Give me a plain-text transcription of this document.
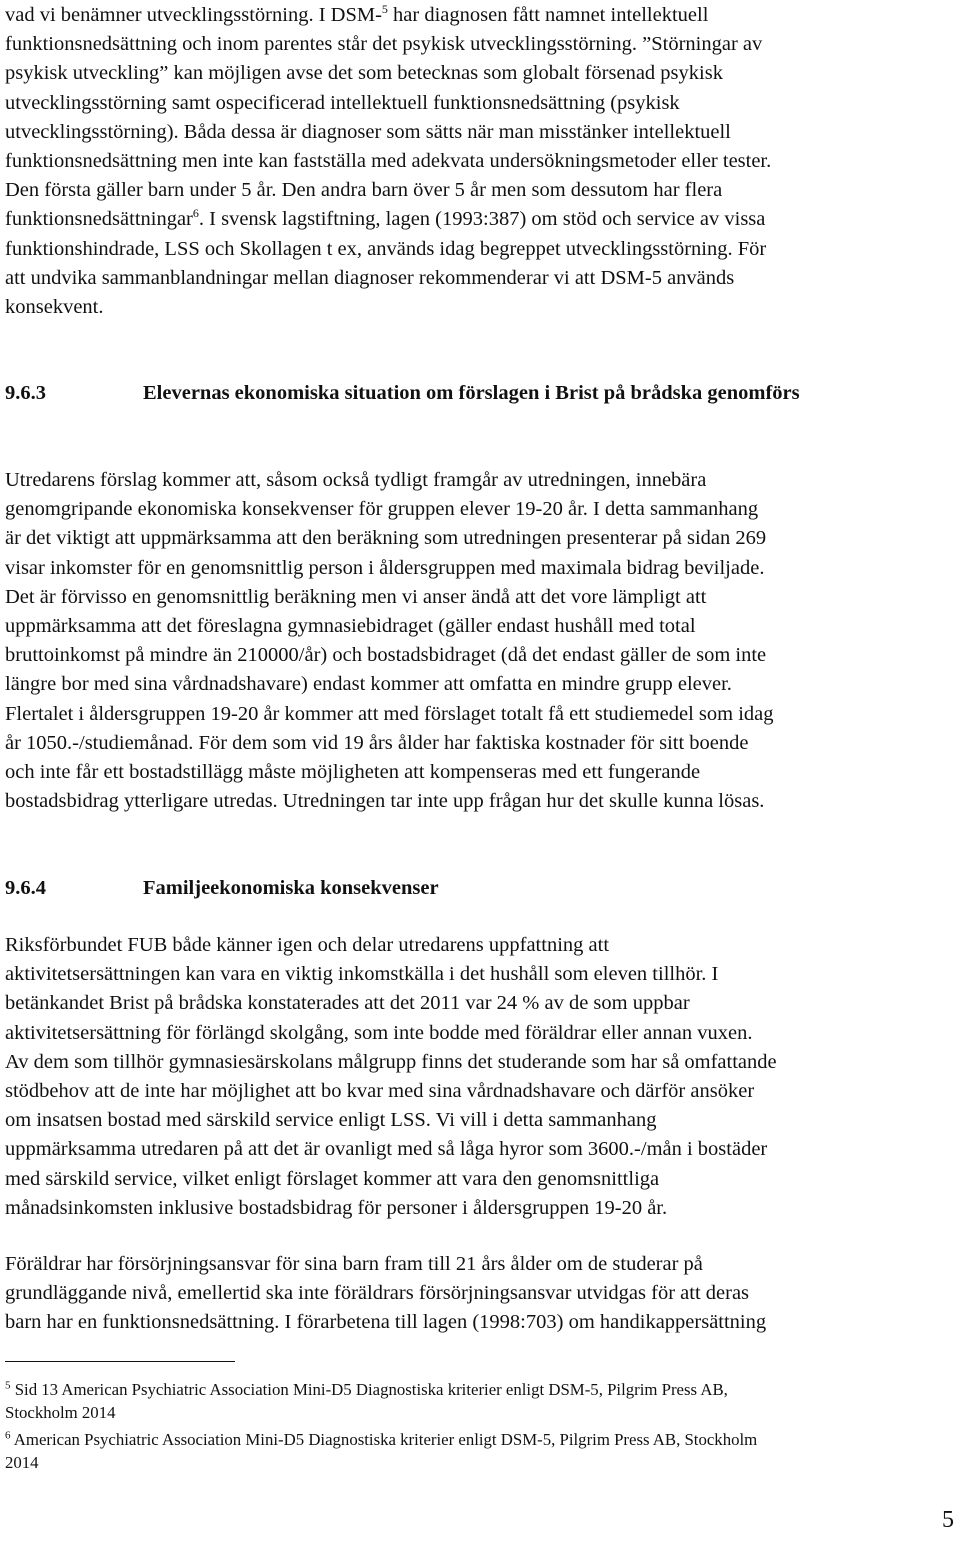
vad vi benämner utvecklingsstörning. I DSM-$^5$ har diagnosen fått namnet intellektuell
funktionsnedsättning och inom parentes står det psykisk utvecklingsstörning. ”Störningar av
psykisk utveckling” kan möjligen avse det som betecknas som globalt försenad psykisk
utvecklingsstörning samt ospecificerad intellektuell funktionsnedsättning (psykisk
utvecklingsstörning). Båda dessa är diagnoser som sätts när man misstänker intellektuell
funktionsnedsättning men inte kan fastställa med adekvata undersökningsmetoder eller tester.
Den första gäller barn under 5 år. Den andra barn över 5 år men som dessutom har flera
funktionsnedsättningar$^6$. I svensk lagstiftning, lagen (1993:387) om stöd och service av vissa
funktionshindrade, LSS och Skollagen t ex, används idag begreppet utvecklingsstörning. För
att undvika sammanblandningar mellan diagnoser rekommenderar vi att DSM-5 används
konsekvent.

9.6.3	Elevernas ekonomiska situation om förslagen i Brist på brådska genomförs

Utredarens förslag kommer att, såsom också tydligt framgår av utredningen, innebära
genomgripande ekonomiska konsekvenser för gruppen elever 19-20 år. I detta sammanhang
är det viktigt att uppmärksamma att den beräkning som utredningen presenterar på sidan 269
visar inkomster för en genomsnittlig person i åldersgruppen med maximala bidrag beviljade.
Det är förvisso en genomsnittlig beräkning men vi anser ändå att det vore lämpligt att
uppmärksamma att det föreslagna gymnasiebidraget (gäller endast hushåll med total
bruttoinkomst på mindre än 210000/år) och bostadsbidraget (då det endast gäller de som inte
längre bor med sina vårdnadshavare) endast kommer att omfatta en mindre grupp elever.
Flertalet i åldersgruppen 19-20 år kommer att med förslaget totalt få ett studiemedel som idag
år 1050.-/studiemånad. För dem som vid 19 års ålder har faktiska kostnader för sitt boende
och inte får ett bostadstillägg måste möjligheten att kompenseras med ett fungerande
bostadsbidrag ytterligare utredas. Utredningen tar inte upp frågan hur det skulle kunna lösas.

9.6.4	Familjeekonomiska konsekvenser

Riksförbundet FUB både känner igen och delar utredarens uppfattning att
aktivitetsersättningen kan vara en viktig inkomstkälla i det hushåll som eleven tillhör. I
betänkandet Brist på brådska konstaterades att det 2011 var 24 % av de som uppbar
aktivitetsersättning för förlängd skolgång, som inte bodde med föräldrar eller annan vuxen.
Av dem som tillhör gymnasiesärskolans målgrupp finns det studerande som har så omfattande
stödbehov att de inte har möjlighet att bo kvar med sina vårdnadshavare och därför ansöker
om insatsen bostad med särskild service enligt LSS. Vi vill i detta sammanhang
uppmärksamma utredaren på att det är ovanligt med så låga hyror som 3600.-/mån i bostäder
med särskild service, vilket enligt förslaget kommer att vara den genomsnittliga
månadsinkomsten inklusive bostadsbidrag för personer i åldersgruppen 19-20 år.

Föräldrar har försörjningsansvar för sina barn fram till 21 års ålder om de studerar på
grundläggande nivå, emellertid ska inte föräldrars försörjningsansvar utvidgas för att deras
barn har en funktionsnedsättning. I förarbetena till lagen (1998:703) om handikappersättning

$^5$ Sid 13 American Psychiatric Association Mini-D5 Diagnostiska kriterier enligt DSM-5, Pilgrim Press AB,
Stockholm 2014

$^6$ American Psychiatric Association Mini-D5 Diagnostiska kriterier enligt DSM-5, Pilgrim Press AB, Stockholm
2014

5
